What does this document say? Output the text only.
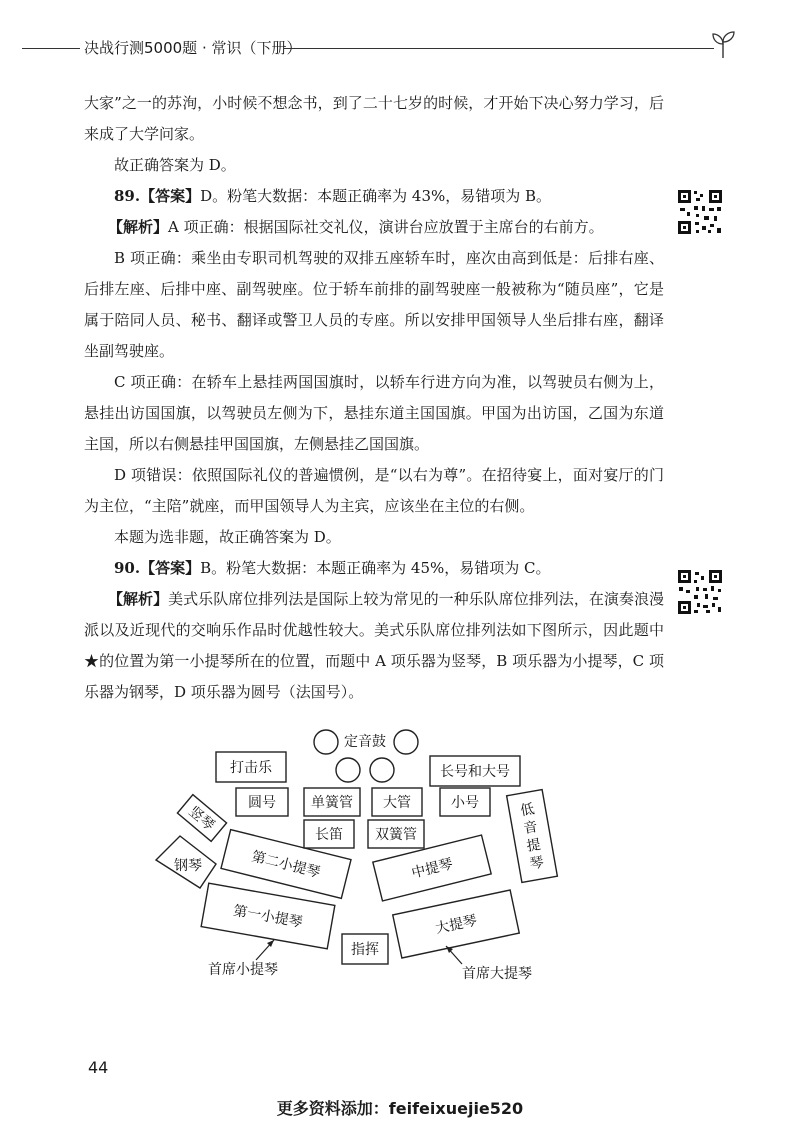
决战行测5000题 · 常识（下册）

大家”之一的苏洵，小时候不想念书，到了二十七岁的时候，才开始下决心努力学习，后来成了大学问家。

故正确答案为 D。

89.【答案】D。粉笔大数据：本题正确率为 43%，易错项为 B。

【解析】A 项正确：根据国际社交礼仪，演讲台应放置于主席台的右前方。

B 项正确：乘坐由专职司机驾驶的双排五座轿车时，座次由高到低是：后排右座、后排左座、后排中座、副驾驶座。位于轿车前排的副驾驶座一般被称为“随员座”，它是属于陪同人员、秘书、翻译或警卫人员的专座。所以安排甲国领导人坐后排右座，翻译坐副驾驶座。

C 项正确：在轿车上悬挂两国国旗时，以轿车行进方向为准，以驾驶员右侧为上，悬挂出访国国旗，以驾驶员左侧为下，悬挂东道主国国旗。甲国为出访国，乙国为东道主国，所以右侧悬挂甲国国旗，左侧悬挂乙国国旗。

D 项错误：依照国际礼仪的普遍惯例，是“以右为尊”。在招待宴上，面对宴厅的门为主位，“主陪”就座，而甲国领导人为主宾，应该坐在主位的右侧。

本题为选非题，故正确答案为 D。

90.【答案】B。粉笔大数据：本题正确率为 45%，易错项为 C。

【解析】美式乐队席位排列法是国际上较为常见的一种乐队席位排列法，在演奏浪漫派以及近现代的交响乐作品时优越性较大。美式乐队席位排列法如下图所示，因此题中★的位置为第一小提琴所在的位置，而题中 A 项乐器为竖琴，B 项乐器为小提琴，C 项乐器为钢琴，D 项乐器为圆号（法国号）。

定音鼓
打击乐	长号和大号
圆号	单簧管 大管	小号
长笛 双簧管
竖琴
钢琴	第二小提琴	中提琴
第一小提琴	大提琴
低
音
提
琴
指挥
首席小提琴	首席大提琴
44
更多资料添加：feifeixuejie520
